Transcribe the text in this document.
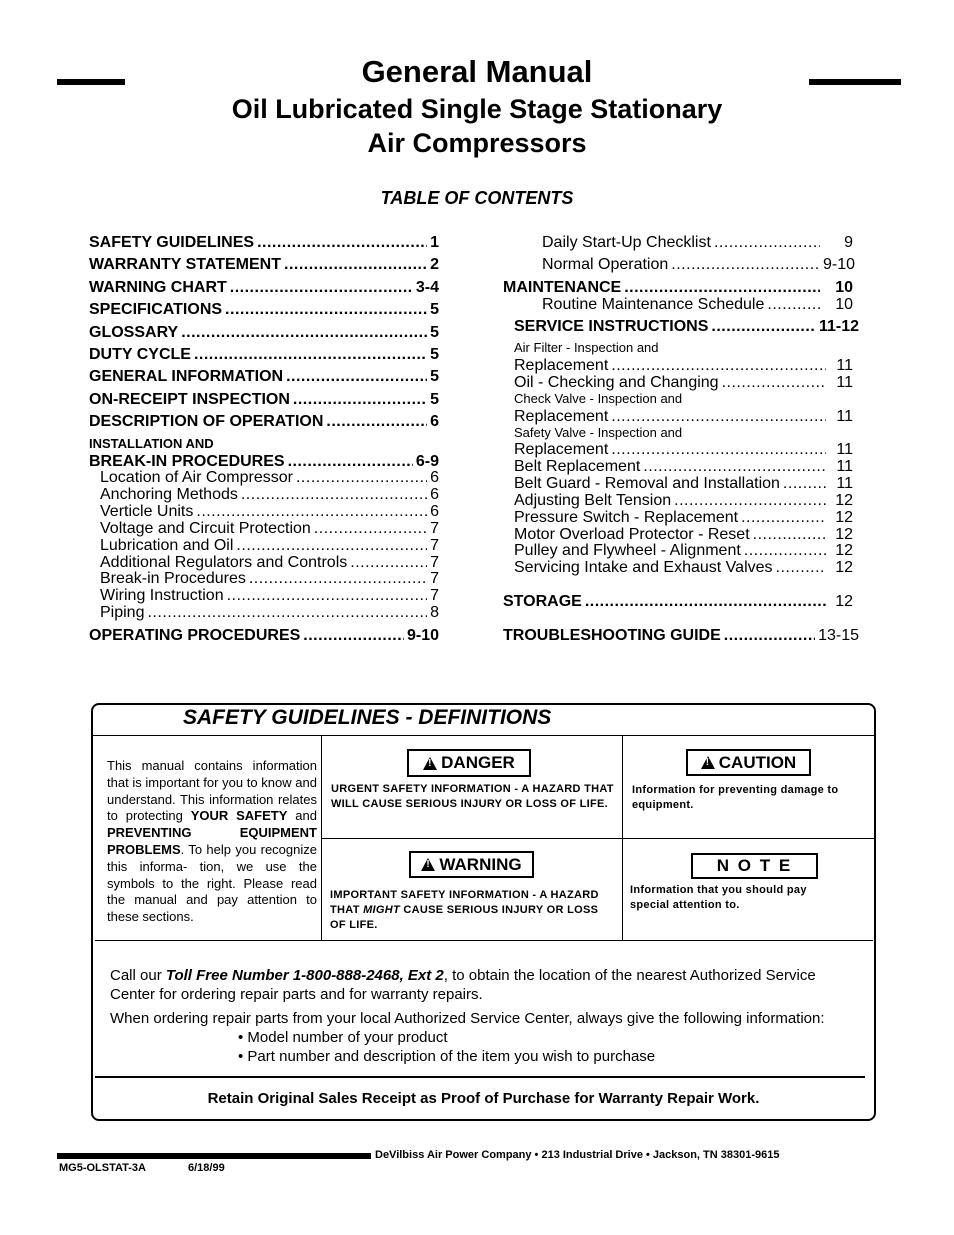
General Manual
Oil Lubricated Single Stage Stationary
Air Compressors
TABLE OF CONTENTS
SAFETY GUIDELINES .....	1
WARRANTY STATEMENT .....	2
WARNING CHART .....	3-4
SPECIFICATIONS .....	5
GLOSSARY .....	5
DUTY CYCLE .....	5
GENERAL INFORMATION .....	5
ON-RECEIPT INSPECTION .....	5
DESCRIPTION OF OPERATION .....	6
INSTALLATION AND
BREAK-IN PROCEDURES .....	6-9
Location of Air Compressor .....	6
Anchoring Methods .....	6
Verticle Units .....	6
Voltage and Circuit Protection .....	7
Lubrication and Oil .....	7
Additional Regulators and Controls .....	7
Break-in Procedures .....	7
Wiring Instruction .....	7
Piping .....	8
OPERATING PROCEDURES .....	9-10
Daily Start-Up Checklist .....	9
Normal Operation .....	9-10
MAINTENANCE .....	10
Routine Maintenance Schedule .....	10
SERVICE INSTRUCTIONS .....	11-12
Air Filter - Inspection and
Replacement .....	11
Oil - Checking and Changing .....	11
Check Valve - Inspection and
Replacement .....	11
Safety Valve - Inspection and
Replacement .....	11
Belt Replacement .....	11
Belt Guard - Removal and Installation .....	11
Adjusting Belt Tension .....	12
Pressure Switch - Replacement .....	12
Motor Overload Protector - Reset .....	12
Pulley and Flywheel - Alignment .....	12
Servicing Intake and Exhaust Valves .....	12
STORAGE .....	12
TROUBLESHOOTING GUIDE .....	13-15
SAFETY GUIDELINES - DEFINITIONS
This manual contains information that is important for you to know and understand. This information relates to protecting YOUR SAFETY and PREVENTING EQUIPMENT PROBLEMS. To help you recognize this informa- tion, we use the symbols to the right. Please read the manual and pay attention to these sections.
!
DANGER
URGENT SAFETY INFORMATION - A HAZARD THAT WILL CAUSE SERIOUS INJURY OR LOSS OF LIFE.
!
CAUTION
Information for preventing damage to equipment.
!
WARNING
IMPORTANT SAFETY INFORMATION - A HAZARD THAT MIGHT CAUSE SERIOUS INJURY OR LOSS OF LIFE.
N O T E
Information that you should pay special attention to.
Call our Toll Free Number 1-800-888-2468, Ext 2, to obtain the location of the nearest Authorized Service Center for ordering repair parts and for warranty repairs.
When ordering repair parts from your local Authorized Service Center, always give the following information:
• Model number of your product
• Part number and description of the item you wish to purchase
Retain Original Sales Receipt as Proof of Purchase for Warranty Repair Work.
DeVilbiss Air Power Company • 213 Industrial Drive • Jackson, TN 38301-9615
MG5-OLSTAT-3A	6/18/99
